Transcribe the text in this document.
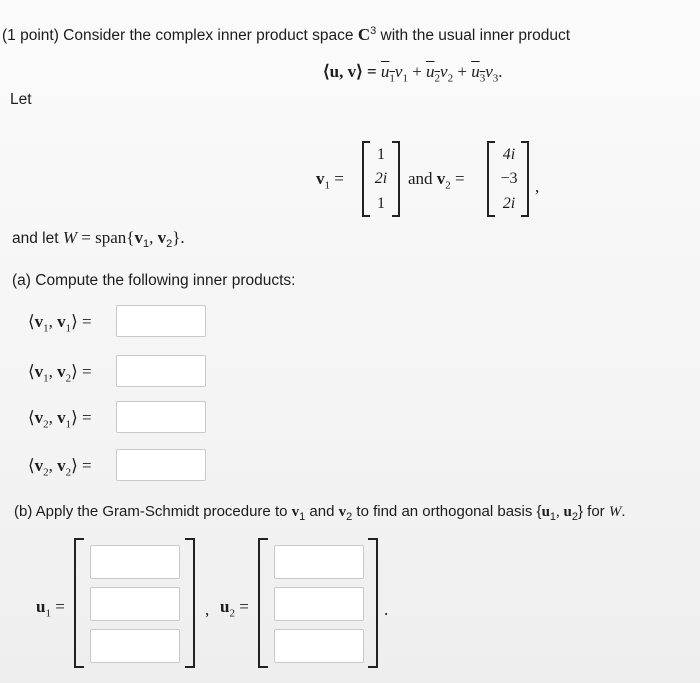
(1 point) Consider the complex inner product space $C^3$ with the usual inner product
⟨u, v⟩ = $\overline{u}_1v_1 + \overline{u}_2v_2 + \overline{u}_3v_3$.
Let
$v_1$ =
1
2i
1
and $v_2$ =
4i
−3
2i
,
and let $W = span\{v_1$, $v_2$}.
(a) Compute the following inner products:
$⟨v_1$, $v_1⟩$ =
$⟨v_1$, $v_2⟩$ =
$⟨v_2$, $v_1⟩$ =
$⟨v_2$, $v_2⟩$ =
(b) Apply the Gram-Schmidt procedure to $v_1$ and $v_2$ to find an orthogonal basis {$u_1$, $u_2$} for W.
$u_1$ =	, $u_2$ =	.
